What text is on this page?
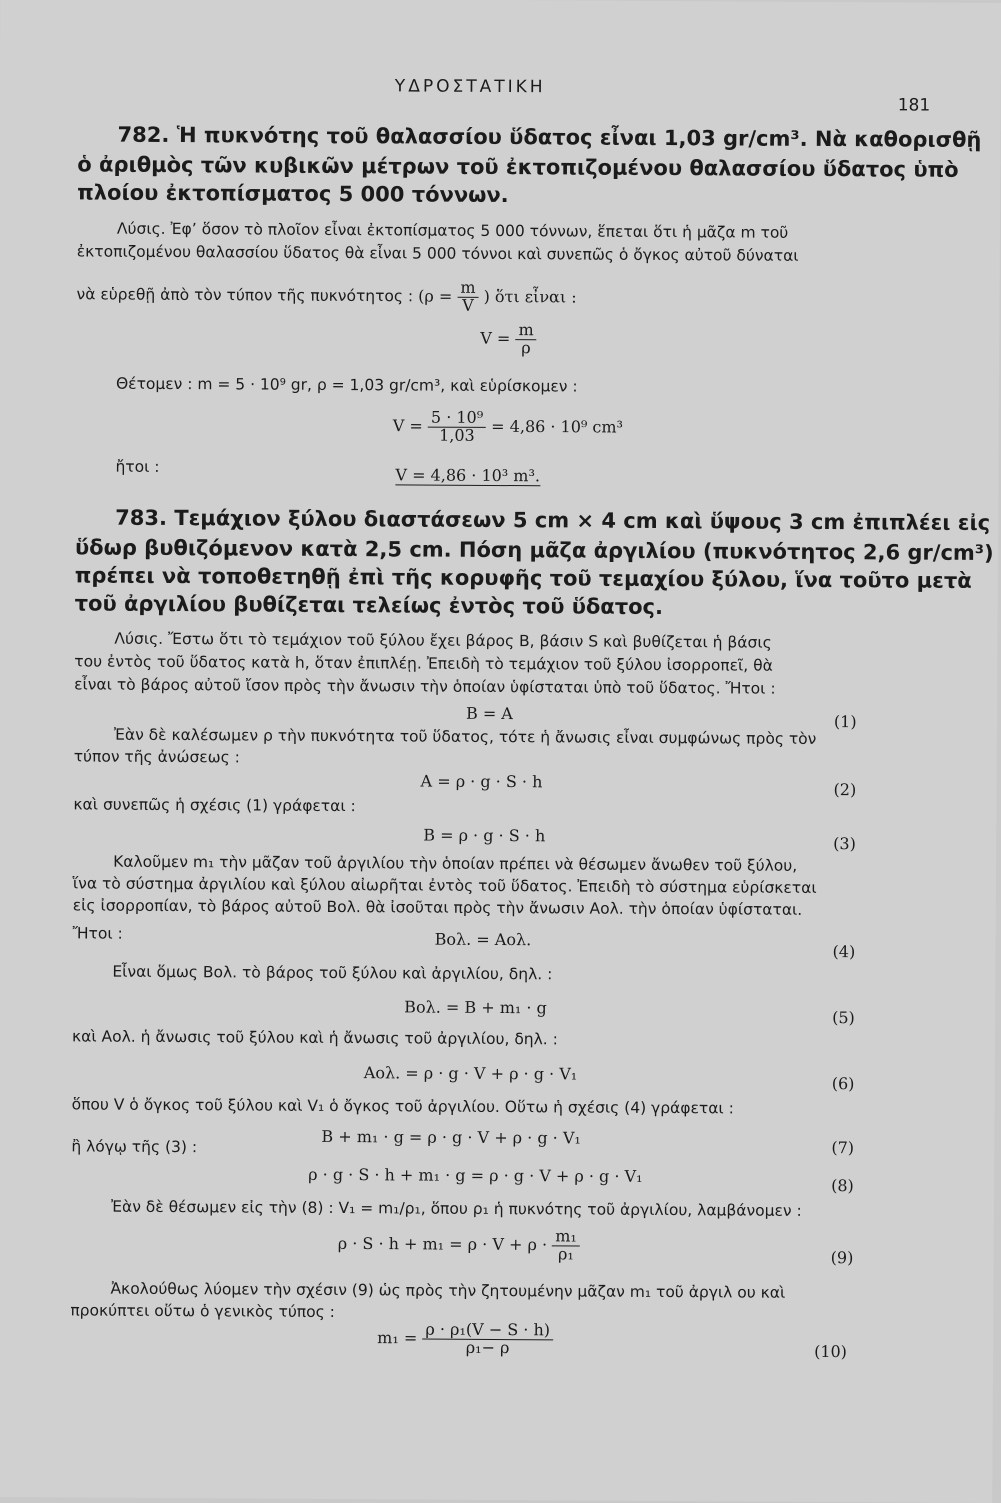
ΥΔΡΟΣΤΑΤΙΚΗ
181
782. Ἡ πυκνότης τοῦ θαλασσίου ὕδατος εἶναι 1,03 gr/cm³. Νὰ καθορισθῇ
ὁ ἀριθμὸς τῶν κυβικῶν μέτρων τοῦ ἐκτοπιζομένου θαλασσίου ὕδατος ὑπὸ
πλοίου ἐκτοπίσματος 5 000 τόννων.
Λύσις. Ἐφ’ ὅσον τὸ πλοῖον εἶναι ἐκτοπίσματος 5 000 τόννων, ἕπεται ὅτι ἡ μᾶζα m τοῦ
ἐκτοπιζομένου θαλασσίου ὕδατος θὰ εἶναι 5 000 τόννοι καὶ συνεπῶς ὁ ὄγκος αὐτοῦ δύναται
νὰ εὑρεθῇ ἀπὸ τὸν τύπον τῆς πυκνότητος : ($\rho = \frac{m}{V}$ ) ὅτι εἶναι :
$V = \frac{m}{\rho}$
Θέτομεν : m = 5 · 10⁹ gr, ρ = 1,03 gr/cm³, καὶ εὑρίσκομεν :
$V = \frac{\text{5 · 10⁹}}{1,03} = 4,86 \cdot 10^9$ cm³
ἤτοι :	V = 4,86 · 10³ m³.
783. Τεμάχιον ξύλου διαστάσεων 5 cm × 4 cm καὶ ὕψους 3 cm ἐπιπλέει εἰς
ὕδωρ βυθιζόμενον κατὰ 2,5 cm. Πόση μᾶζα ἀργιλίου (πυκνότητος 2,6 gr/cm³)
πρέπει νὰ τοποθετηθῇ ἐπὶ τῆς κορυφῆς τοῦ τεμαχίου ξύλου, ἵνα τοῦτο μετὰ
τοῦ ἀργιλίου βυθίζεται τελείως ἐντὸς τοῦ ὕδατος.
Λύσις. Ἔστω ὅτι τὸ τεμάχιον τοῦ ξύλου ἔχει βάρος B, βάσιν S καὶ βυθίζεται ἡ βάσις
του ἐντὸς τοῦ ὕδατος κατὰ h, ὅταν ἐπιπλέῃ. Ἐπειδὴ τὸ τεμάχιον τοῦ ξύλου ἰσορροπεῖ, θὰ
εἶναι τὸ βάρος αὐτοῦ ἴσον πρὸς τὴν ἄνωσιν τὴν ὁποίαν ὑφίσταται ὑπὸ τοῦ ὕδατος. Ἤτοι :
B = A	(1)
Ἐὰν δὲ καλέσωμεν ρ τὴν πυκνότητα τοῦ ὕδατος, τότε ἡ ἄνωσις εἶναι συμφώνως πρὸς τὸν
τύπον τῆς ἀνώσεως :
A = ρ · g · S · h	(2)
καὶ συνεπῶς ἡ σχέσις (1) γράφεται :
B = ρ · g · S · h	(3)
Καλοῦμεν m₁ τὴν μᾶζαν τοῦ ἀργιλίου τὴν ὁποίαν πρέπει νὰ θέσωμεν ἄνωθεν τοῦ ξύλου,
ἵνα τὸ σύστημα ἀργιλίου καὶ ξύλου αἰωρῆται ἐντὸς τοῦ ὕδατος. Ἐπειδὴ τὸ σύστημα εὑρίσκεται
εἰς ἰσορροπίαν, τὸ βάρος αὐτοῦ Bολ. θὰ ἰσοῦται πρὸς τὴν ἄνωσιν Aολ. τὴν ὁποίαν ὑφίσταται.
Ἤτοι :	Bολ. = Aολ.
(4)
Εἶναι ὅμως Bολ. τὸ βάρος τοῦ ξύλου καὶ ἀργιλίου, δηλ. :
Bολ. = B + m₁ · g
(5)
καὶ Aολ. ἡ ἄνωσις τοῦ ξύλου καὶ ἡ ἄνωσις τοῦ ἀργιλίου, δηλ. :
Aολ. = ρ · g · V + ρ · g · V₁
(6)
ὅπου V ὁ ὄγκος τοῦ ξύλου καὶ V₁ ὁ ὄγκος τοῦ ἀργιλίου. Οὕτω ἡ σχέσις (4) γράφεται :
ἢ λόγῳ τῆς (3) :	B + m₁ · g = ρ · g · V + ρ · g · V₁
(7)
ρ · g · S · h + m₁ · g = ρ · g · V + ρ · g · V₁	(8)
Ἐὰν δὲ θέσωμεν εἰς τὴν (8) : V₁ = m₁/ρ₁, ὅπου ρ₁ ἡ πυκνότης τοῦ ἀργιλίου, λαμβάνομεν :
$\rho \cdot S \cdot h + m_1 = \rho \cdot V + \rho \cdot \frac{\text{m₁}}{\text{ρ₁}}$	(9)
Ἀκολούθως λύομεν τὴν σχέσιν (9) ὡς πρὸς τὴν ζητουμένην μᾶζαν m₁ τοῦ ἀργιλ ου καὶ
προκύπτει οὕτω ὁ γενικὸς τύπος :
$m_1 = \frac{\text{ρ · ρ₁(V − S · h)}}{\text{ρ₁− ρ}}$	(10)
